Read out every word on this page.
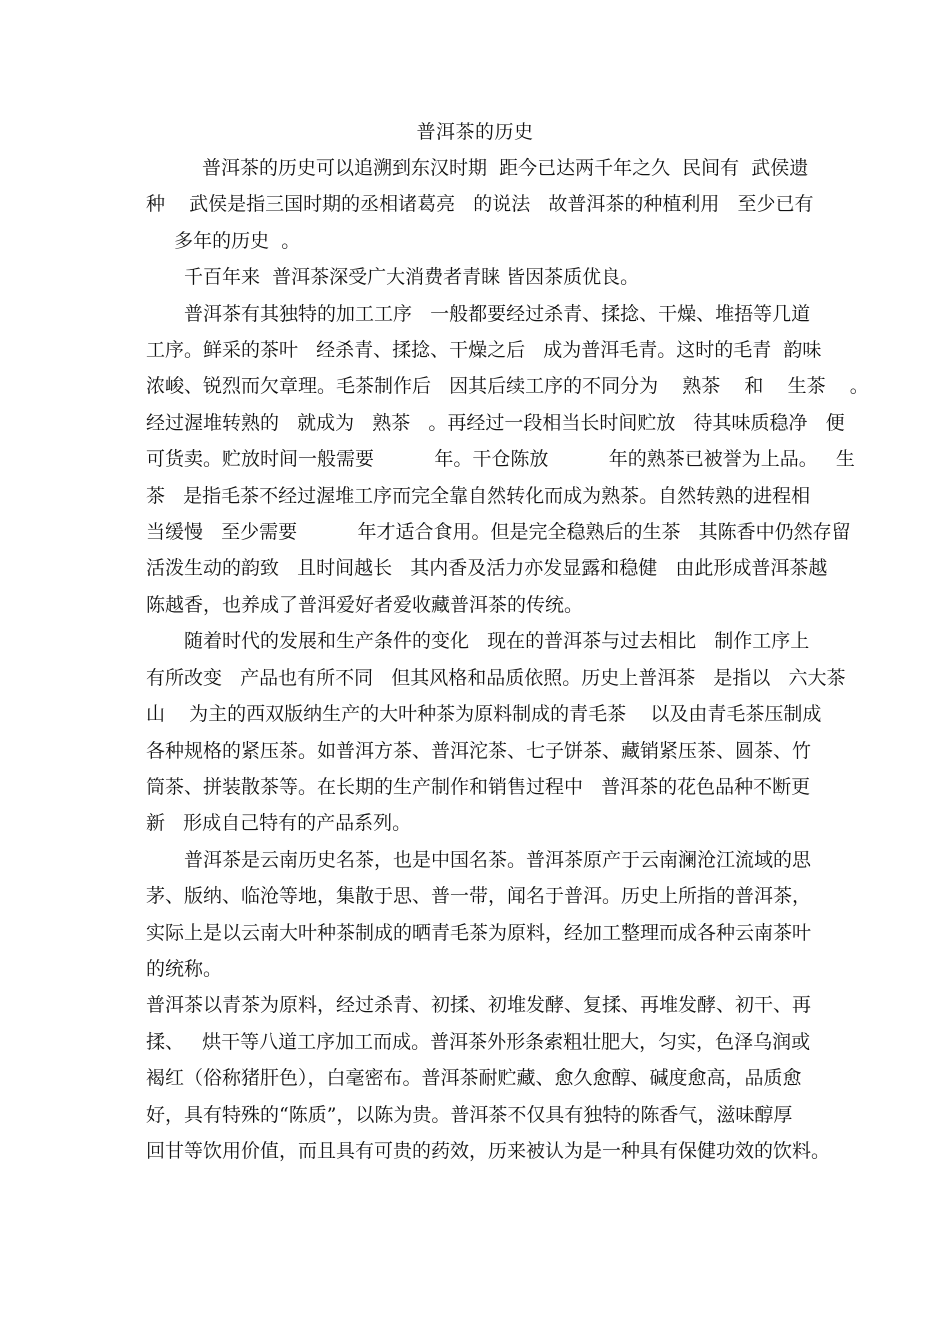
普洱茶的历史

普洱茶的历史可以追溯到东汉时期  距今已达两千年之久  民间有  武侯遗
种    武侯是指三国时期的丞相诸葛亮   的说法   故普洱茶的种植利用   至少已有
多年的历史  。

千百年来  普洱茶深受广大消费者青睐 皆因茶质优良。

普洱茶有其独特的加工工序   一般都要经过杀青、揉捻、干燥、堆捂等几道
工序。鲜采的茶叶   经杀青、揉捻、干燥之后   成为普洱毛青。这时的毛青  韵味
浓峻、锐烈而欠章理。毛茶制作后   因其后续工序的不同分为    熟茶    和    生茶    。
经过渥堆转熟的   就成为   熟茶   。再经过一段相当长时间贮放   待其味质稳净   便
可货卖。贮放时间一般需要          年。干仓陈放          年的熟茶已被誉为上品。   生
茶   是指毛茶不经过渥堆工序而完全靠自然转化而成为熟茶。自然转熟的进程相
当缓慢   至少需要          年才适合食用。但是完全稳熟后的生茶   其陈香中仍然存留
活泼生动的韵致   且时间越长   其内香及活力亦发显露和稳健   由此形成普洱茶越
陈越香，也养成了普洱爱好者爱收藏普洱茶的传统。

随着时代的发展和生产条件的变化   现在的普洱茶与过去相比   制作工序上
有所改变   产品也有所不同   但其风格和品质依照。历史上普洱茶   是指以   六大茶
山    为主的西双版纳生产的大叶种茶为原料制成的青毛茶    以及由青毛茶压制成
各种规格的紧压茶。如普洱方茶、普洱沱茶、七子饼茶、藏销紧压茶、圆茶、竹
筒茶、拼装散茶等。在长期的生产制作和销售过程中   普洱茶的花色品种不断更
新   形成自己特有的产品系列。

普洱茶是云南历史名茶，也是中国名茶。普洱茶原产于云南澜沧江流域的思
茅、版纳、临沧等地，集散于思、普一带，闻名于普洱。历史上所指的普洱茶，
实际上是以云南大叶种茶制成的晒青毛茶为原料，经加工整理而成各种云南茶叶
的统称。

普洱茶以青茶为原料，经过杀青、初揉、初堆发酵、复揉、再堆发酵、初干、再
揉、   烘干等八道工序加工而成。普洱茶外形条索粗壮肥大，匀实，色泽乌润或
褐红（俗称猪肝色），白毫密布。普洱茶耐贮藏、愈久愈醇、碱度愈高，品质愈
好，具有特殊的“陈质”，以陈为贵。普洱茶不仅具有独特的陈香气，滋味醇厚
回甘等饮用价值，而且具有可贵的药效，历来被认为是一种具有保健功效的饮料。
